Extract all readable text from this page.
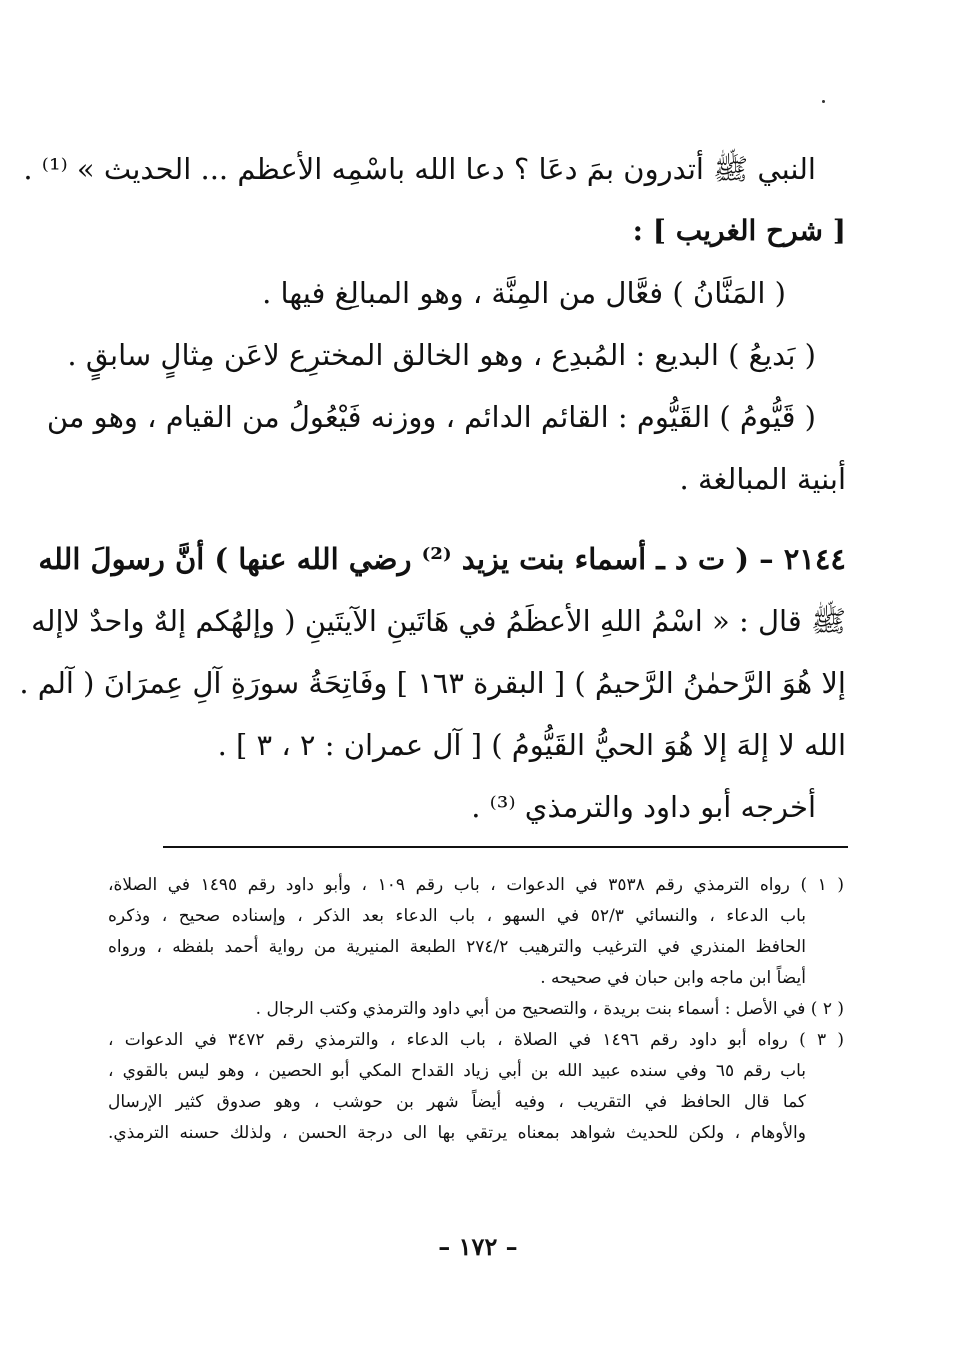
النبي ﷺ أتدرون بمَ دعَا ؟ دعا الله باسْمِه الأعظم ... الحديث » ⁽¹⁾ .
[ شرح الغريب ] :
( المَنَّانُ ) فعَّال من المِنَّة ، وهو المبالِغ فيها .
( بَديعُ ) البديع : المُبدِع ، وهو الخالق المخترِع لاعَن مِثالٍ سابقٍ .
( قَيُّومُ ) القَيُّوم : القائم الدائم ، ووزنه فَيْعُولُ من القيام ، وهو من
أبنية المبالغة .
٢١٤٤ – ( ت د ـ أسماء بنت يزيد ⁽²⁾ رضي الله عنها ) أنَّ رسولَ الله
ﷺ قال : « اسْمُ اللهِ الأعظَمُ في هَاتَينِ الآيتَينِ ( وإلهُكم إلهٌ واحدٌ لاإله
إلا هُوَ الرَّحمٰنُ الرَّحيمُ ) [ البقرة ١٦٣ ] وفَاتِحَةُ سورَةِ آلِ عِمرَانَ ( آلم .
الله لا إلهَ إلا هُوَ الحيُّ القَيُّومُ ) [ آل عمران : ٢ ، ٣ ] .
أخرجه أبو داود والترمذي ⁽³⁾ .
( ١ ) رواه الترمذي رقم ٣٥٣٨ في الدعوات ، باب رقم ١٠٩ ، وأبو داود رقم ١٤٩٥ في الصلاة،
باب الدعاء ، والنسائي ٥٢/٣ في السهو ، باب الدعاء بعد الذكر ، وإسناده صحيح ، وذكره
الحافظ المنذري في الترغيب والترهيب ٢٧٤/٢ الطبعة المنيرية من رواية أحمد بلفظه ، ورواه
أيضاً ابن ماجه وابن حبان في صحيحه .
( ٢ ) في الأصل : أسماء بنت بريدة ، والتصحيح من أبي داود والترمذي وكتب الرجال .
( ٣ ) رواه أبو داود رقم ١٤٩٦ في الصلاة ، باب الدعاء ، والترمذي رقم ٣٤٧٢ في الدعوات ،
باب رقم ٦٥ وفي سنده عبيد الله بن أبي زياد القداح المكي أبو الحصين ، وهو ليس بالقوي ،
كما قال الحافظ في التقريب ، وفيه أيضاً شهر بن حوشب ، وهو صدوق كثير الإرسال
والأوهام ، ولكن للحديث شواهد بمعناه يرتقي بها الى درجة الحسن ، ولذلك حسنه الترمذي.
– ١٧٢ –
